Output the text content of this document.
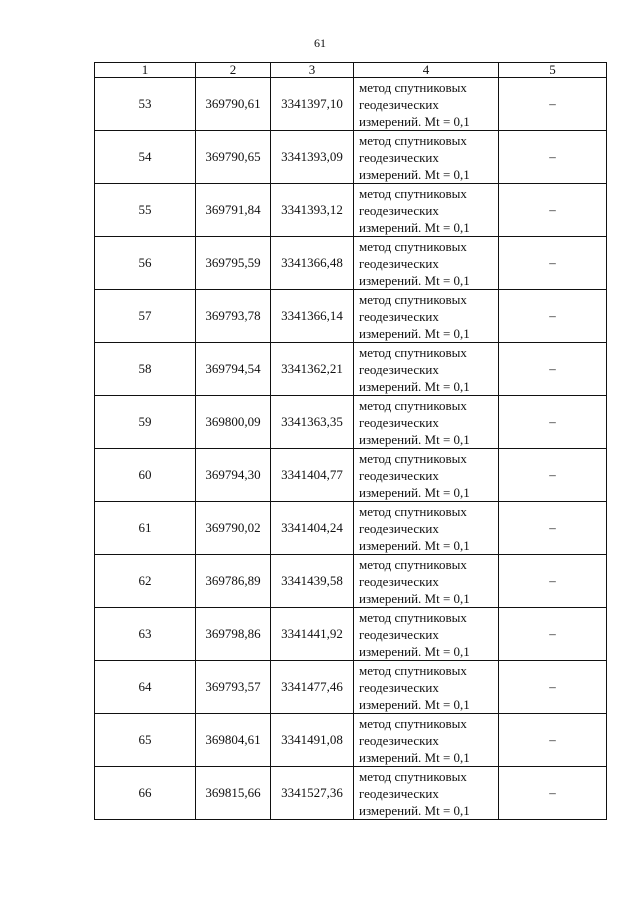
61
1	2	3	4	5
53	369790,61	3341397,10	метод спутниковых
геодезических
измерений. Mt = 0,1	–
54	369790,65	3341393,09	метод спутниковых
геодезических
измерений. Mt = 0,1	–
55	369791,84	3341393,12	метод спутниковых
геодезических
измерений. Mt = 0,1	–
56	369795,59	3341366,48	метод спутниковых
геодезических
измерений. Mt = 0,1	–
57	369793,78	3341366,14	метод спутниковых
геодезических
измерений. Mt = 0,1	–
58	369794,54	3341362,21	метод спутниковых
геодезических
измерений. Mt = 0,1	–
59	369800,09	3341363,35	метод спутниковых
геодезических
измерений. Mt = 0,1	–
60	369794,30	3341404,77	метод спутниковых
геодезических
измерений. Mt = 0,1	–
61	369790,02	3341404,24	метод спутниковых
геодезических
измерений. Mt = 0,1	–
62	369786,89	3341439,58	метод спутниковых
геодезических
измерений. Mt = 0,1	–
63	369798,86	3341441,92	метод спутниковых
геодезических
измерений. Mt = 0,1	–
64	369793,57	3341477,46	метод спутниковых
геодезических
измерений. Mt = 0,1	–
65	369804,61	3341491,08	метод спутниковых
геодезических
измерений. Mt = 0,1	–
66	369815,66	3341527,36	метод спутниковых
геодезических
измерений. Mt = 0,1	–
